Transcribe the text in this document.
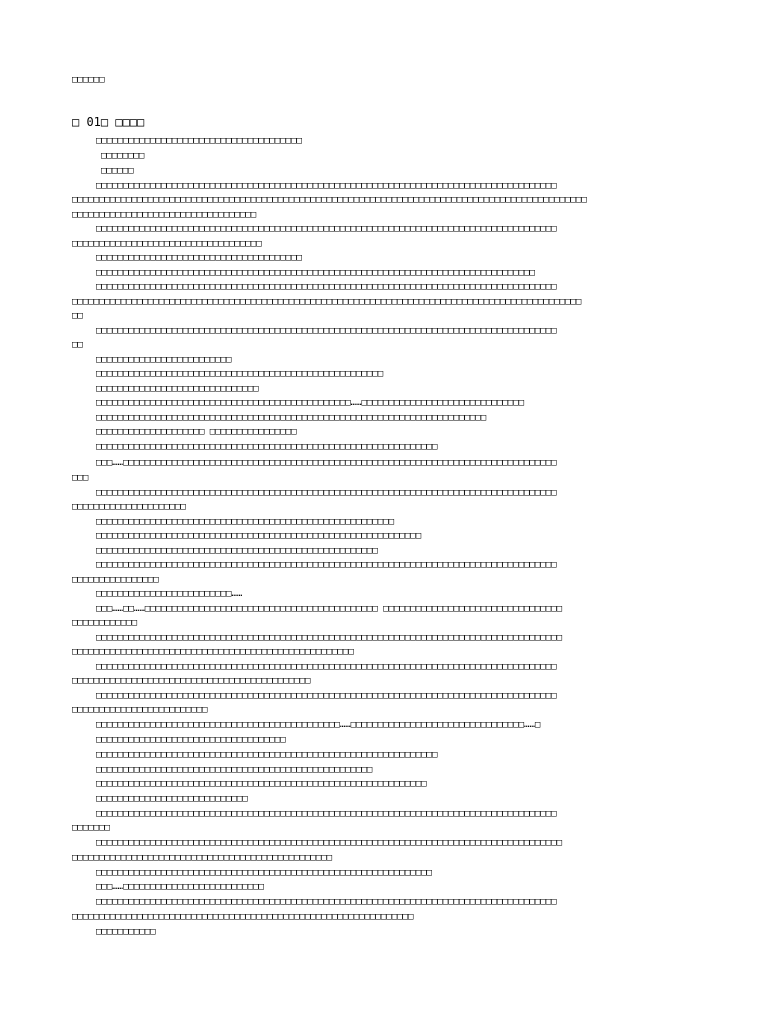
□□□□□□
□ 01□ □□□□
□□□□□□□□□□□□□□□□□□□□□□□□□□□□□□□□□□□□□□
□□□□□□□□
□□□□□□
□□□□□□□□□□□□□□□□□□□□□□□□□□□□□□□□□□□□□□□□□□□□□□□□□□□□□□□□□□□□□□□□□□□□□□□□□□□□□□□□□□□□□
□□□□□□□□□□□□□□□□□□□□□□□□□□□□□□□□□□□□□□□□□□□□□□□□□□□□□□□□□□□□□□□□□□□□□□□□□□□□□□□□□□□□□□□□□□□□□□□
□□□□□□□□□□□□□□□□□□□□□□□□□□□□□□□□□□
□□□□□□□□□□□□□□□□□□□□□□□□□□□□□□□□□□□□□□□□□□□□□□□□□□□□□□□□□□□□□□□□□□□□□□□□□□□□□□□□□□□□□
□□□□□□□□□□□□□□□□□□□□□□□□□□□□□□□□□□□
□□□□□□□□□□□□□□□□□□□□□□□□□□□□□□□□□□□□□□
□□□□□□□□□□□□□□□□□□□□□□□□□□□□□□□□□□□□□□□□□□□□□□□□□□□□□□□□□□□□□□□□□□□□□□□□□□□□□□□□□
□□□□□□□□□□□□□□□□□□□□□□□□□□□□□□□□□□□□□□□□□□□□□□□□□□□□□□□□□□□□□□□□□□□□□□□□□□□□□□□□□□□□□
□□□□□□□□□□□□□□□□□□□□□□□□□□□□□□□□□□□□□□□□□□□□□□□□□□□□□□□□□□□□□□□□□□□□□□□□□□□□□□□□□□□□□□□□□□□□□□
□□
□□□□□□□□□□□□□□□□□□□□□□□□□□□□□□□□□□□□□□□□□□□□□□□□□□□□□□□□□□□□□□□□□□□□□□□□□□□□□□□□□□□□□
□□
□□□□□□□□□□□□□□□□□□□□□□□□□
□□□□□□□□□□□□□□□□□□□□□□□□□□□□□□□□□□□□□□□□□□□□□□□□□□□□□
□□□□□□□□□□□□□□□□□□□□□□□□□□□□□□
□□□□□□□□□□□□□□□□□□□□□□□□□□□□□□□□□□□□□□□□□□□□□□□……□□□□□□□□□□□□□□□□□□□□□□□□□□□□□□
□□□□□□□□□□□□□□□□□□□□□□□□□□□□□□□□□□□□□□□□□□□□□□□□□□□□□□□□□□□□□□□□□□□□□□□□
□□□□□□□□□□□□□□□□□□□□ □□□□□□□□□□□□□□□□
□□□□□□□□□□□□□□□□□□□□□□□□□□□□□□□□□□□□□□□□□□□□□□□□□□□□□□□□□□□□□□□
□□□……□□□□□□□□□□□□□□□□□□□□□□□□□□□□□□□□□□□□□□□□□□□□□□□□□□□□□□□□□□□□□□□□□□□□□□□□□□□□□□□□
□□□
□□□□□□□□□□□□□□□□□□□□□□□□□□□□□□□□□□□□□□□□□□□□□□□□□□□□□□□□□□□□□□□□□□□□□□□□□□□□□□□□□□□□□
□□□□□□□□□□□□□□□□□□□□□
□□□□□□□□□□□□□□□□□□□□□□□□□□□□□□□□□□□□□□□□□□□□□□□□□□□□□□□
□□□□□□□□□□□□□□□□□□□□□□□□□□□□□□□□□□□□□□□□□□□□□□□□□□□□□□□□□□□□
□□□□□□□□□□□□□□□□□□□□□□□□□□□□□□□□□□□□□□□□□□□□□□□□□□□□
□□□□□□□□□□□□□□□□□□□□□□□□□□□□□□□□□□□□□□□□□□□□□□□□□□□□□□□□□□□□□□□□□□□□□□□□□□□□□□□□□□□□□
□□□□□□□□□□□□□□□□
□□□□□□□□□□□□□□□□□□□□□□□□□……
□□□……□□……□□□□□□□□□□□□□□□□□□□□□□□□□□□□□□□□□□□□□□□□□□□ □□□□□□□□□□□□□□□□□□□□□□□□□□□□□□□□□
□□□□□□□□□□□□
□□□□□□□□□□□□□□□□□□□□□□□□□□□□□□□□□□□□□□□□□□□□□□□□□□□□□□□□□□□□□□□□□□□□□□□□□□□□□□□□□□□□□□
□□□□□□□□□□□□□□□□□□□□□□□□□□□□□□□□□□□□□□□□□□□□□□□□□□□□
□□□□□□□□□□□□□□□□□□□□□□□□□□□□□□□□□□□□□□□□□□□□□□□□□□□□□□□□□□□□□□□□□□□□□□□□□□□□□□□□□□□□□
□□□□□□□□□□□□□□□□□□□□□□□□□□□□□□□□□□□□□□□□□□□□
□□□□□□□□□□□□□□□□□□□□□□□□□□□□□□□□□□□□□□□□□□□□□□□□□□□□□□□□□□□□□□□□□□□□□□□□□□□□□□□□□□□□□
□□□□□□□□□□□□□□□□□□□□□□□□□
□□□□□□□□□□□□□□□□□□□□□□□□□□□□□□□□□□□□□□□□□□□□□……□□□□□□□□□□□□□□□□□□□□□□□□□□□□□□□□……□
□□□□□□□□□□□□□□□□□□□□□□□□□□□□□□□□□□□
□□□□□□□□□□□□□□□□□□□□□□□□□□□□□□□□□□□□□□□□□□□□□□□□□□□□□□□□□□□□□□□
□□□□□□□□□□□□□□□□□□□□□□□□□□□□□□□□□□□□□□□□□□□□□□□□□□□
□□□□□□□□□□□□□□□□□□□□□□□□□□□□□□□□□□□□□□□□□□□□□□□□□□□□□□□□□□□□□
□□□□□□□□□□□□□□□□□□□□□□□□□□□□
□□□□□□□□□□□□□□□□□□□□□□□□□□□□□□□□□□□□□□□□□□□□□□□□□□□□□□□□□□□□□□□□□□□□□□□□□□□□□□□□□□□□□
□□□□□□□
□□□□□□□□□□□□□□□□□□□□□□□□□□□□□□□□□□□□□□□□□□□□□□□□□□□□□□□□□□□□□□□□□□□□□□□□□□□□□□□□□□□□□□
□□□□□□□□□□□□□□□□□□□□□□□□□□□□□□□□□□□□□□□□□□□□□□□□
□□□□□□□□□□□□□□□□□□□□□□□□□□□□□□□□□□□□□□□□□□□□□□□□□□□□□□□□□□□□□□
□□□……□□□□□□□□□□□□□□□□□□□□□□□□□□
□□□□□□□□□□□□□□□□□□□□□□□□□□□□□□□□□□□□□□□□□□□□□□□□□□□□□□□□□□□□□□□□□□□□□□□□□□□□□□□□□□□□□
□□□□□□□□□□□□□□□□□□□□□□□□□□□□□□□□□□□□□□□□□□□□□□□□□□□□□□□□□□□□□□□
□□□□□□□□□□□
